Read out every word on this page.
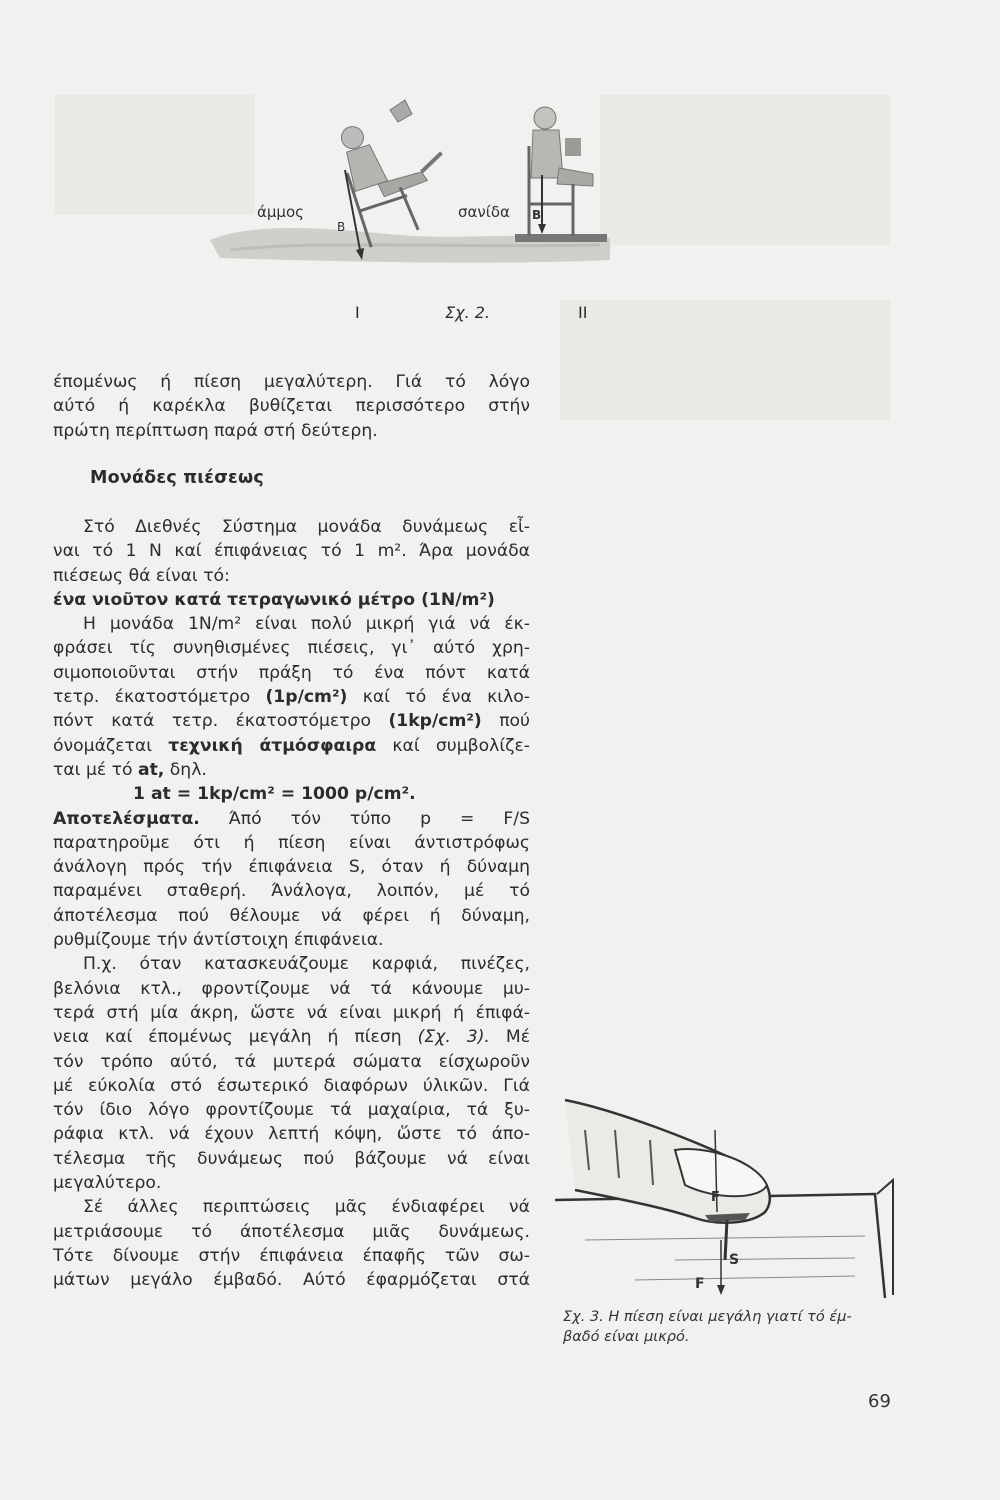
άμμος	σανίδα
Β
Β
Ι	Σχ. 2.	ΙΙ
έπομένως ή πίεση μεγαλύτερη. Γιά τό λόγο
αύτό ή καρέκλα βυθίζεται περισσότερο στήν
πρώτη περίπτωση παρά στή δεύτερη.
Μονάδες πιέσεως
Στό Διεθνές Σύστημα μονάδα δυνάμεως εἶ-
ναι τό 1 N καί έπιφάνειας τό 1 m². Άρα μονάδα
πιέσεως θά είναι τό:
ένα νιοῦτον κατά τετραγωνικό μέτρο (1N/m²)
Η μονάδα 1N/m² είναι πολύ μικρή γιά νά έκ-
φράσει τίς συνηθισμένες πιέσεις, γι᾽ αύτό χρη-
σιμοποιοῦνται στήν πράξη τό ένα πόντ κατά
τετρ. έκατοστόμετρο (1p/cm²) καί τό ένα κιλο-
πόντ κατά τετρ. έκατοστόμετρο (1kp/cm²) πού
όνομάζεται τεχνική άτμόσφαιρα καί συμβολίζε-
ται μέ τό at, δηλ.
1 at = 1kp/cm² = 1000 p/cm².
Αποτελέσματα. Άπό τόν τύπο p = F/S
παρατηροῦμε ότι ή πίεση είναι άντιστρόφως
άνάλογη πρός τήν έπιφάνεια S, όταν ή δύναμη
παραμένει σταθερή. Άνάλογα, λοιπόν, μέ τό
άποτέλεσμα πού θέλουμε νά φέρει ή δύναμη,
ρυθμίζουμε τήν άντίστοιχη έπιφάνεια.
Π.χ. όταν κατασκευάζουμε καρφιά, πινέζες,
βελόνια κτλ., φροντίζουμε νά τά κάνουμε μυ-
τερά στή μία άκρη, ὥστε νά είναι μικρή ή έπιφά-
νεια καί έπομένως μεγάλη ή πίεση (Σχ. 3). Μέ
τόν τρόπο αύτό, τά μυτερά σώματα είσχωροῦν
μέ εύκολία στό έσωτερικό διαφόρων ύλικῶν. Γιά
τόν ίδιο λόγο φροντίζουμε τά μαχαίρια, τά ξυ-
ράφια κτλ. νά έχουν λεπτή κόψη, ὥστε τό άπο-
τέλεσμα τῆς δυνάμεως πού βάζουμε νά είναι
μεγαλύτερο.
Σέ άλλες περιπτώσεις μᾶς ένδιαφέρει νά
μετριάσουμε τό άποτέλεσμα μιᾶς δυνάμεως.
Τότε δίνουμε στήν έπιφάνεια έπαφῆς τῶν σω-
μάτων μεγάλο έμβαδό. Αύτό έφαρμόζεται στά
F
S
F
Σχ. 3. Η πίεση είναι μεγάλη γιατί τό έμ-
βαδό είναι μικρό.
69
